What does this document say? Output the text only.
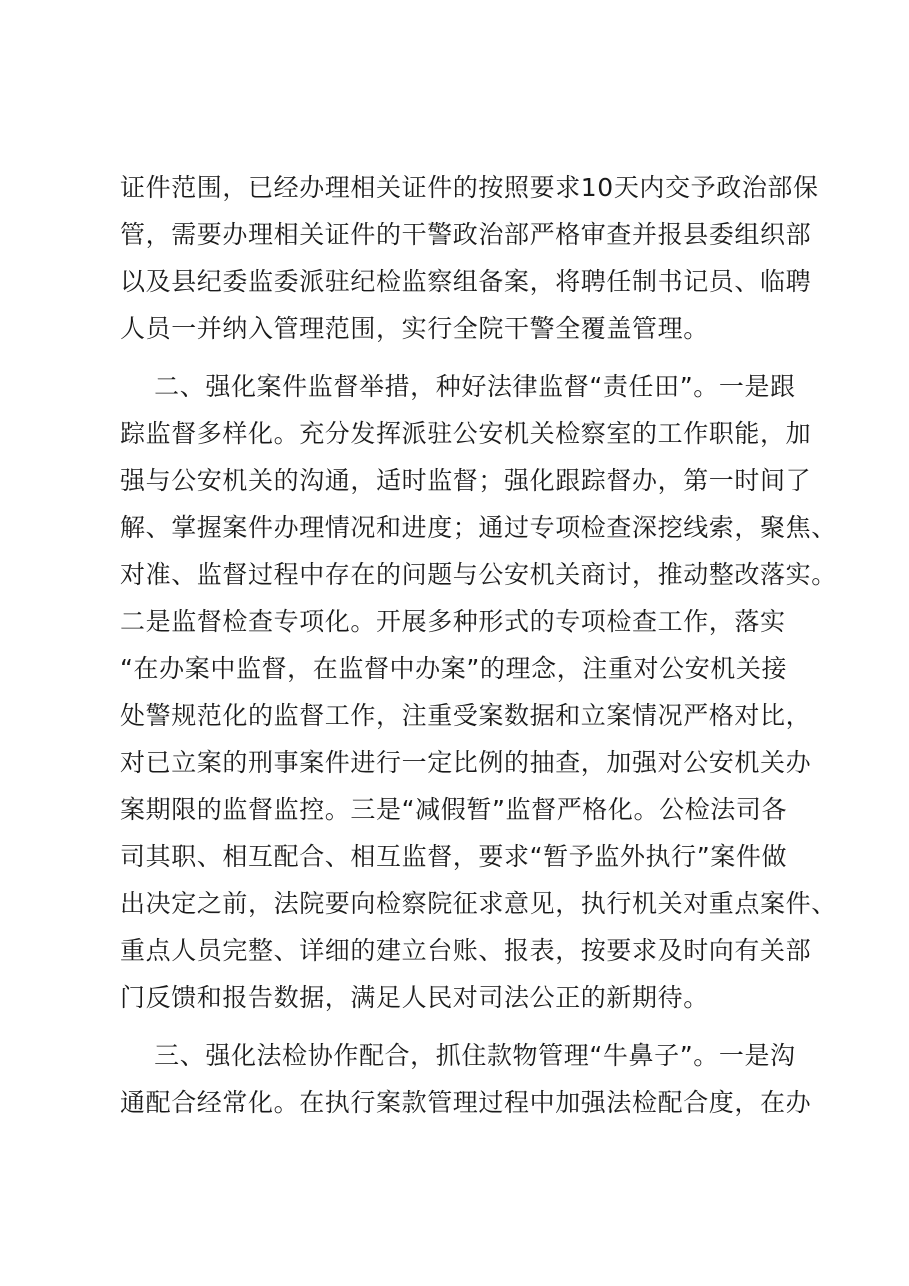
证件范围，已经办理相关证件的按照要求10天内交予政治部保
管，需要办理相关证件的干警政治部严格审查并报县委组织部
以及县纪委监委派驻纪检监察组备案，将聘任制书记员、临聘
人员一并纳入管理范围，实行全院干警全覆盖管理。
　 二、强化案件监督举措，种好法律监督“责任田”。一是跟
踪监督多样化。充分发挥派驻公安机关检察室的工作职能，加
强与公安机关的沟通，适时监督；强化跟踪督办，第一时间了
解、掌握案件办理情况和进度；通过专项检查深挖线索，聚焦、
对准、监督过程中存在的问题与公安机关商讨，推动整改落实。
二是监督检查专项化。开展多种形式的专项检查工作，落实
“在办案中监督，在监督中办案”的理念，注重对公安机关接
处警规范化的监督工作，注重受案数据和立案情况严格对比，
对已立案的刑事案件进行一定比例的抽查，加强对公安机关办
案期限的监督监控。三是“减假暂”监督严格化。公检法司各
司其职、相互配合、相互监督，要求“暂予监外执行”案件做
出决定之前，法院要向检察院征求意见，执行机关对重点案件、
重点人员完整、详细的建立台账、报表，按要求及时向有关部
门反馈和报告数据，满足人民对司法公正的新期待。
　 三、强化法检协作配合，抓住款物管理“牛鼻子”。一是沟
通配合经常化。在执行案款管理过程中加强法检配合度，在办
